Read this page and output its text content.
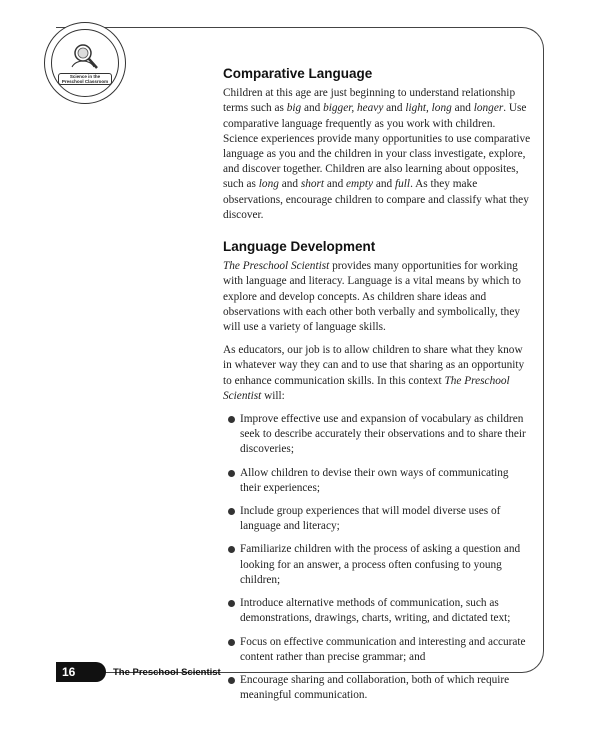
Science in the
Preschool Classroom
Comparative Language

Children at this age are just beginning to understand relationship terms such as big and bigger, heavy and light, long and longer. Use comparative language frequently as you work with children. Science experiences provide many opportunities to use comparative language as you and the children in your class investigate, explore, and discover together. Children are also learning about opposites, such as long and short and empty and full. As they make observations, encourage children to compare and classify what they discover.

Language Development

The Preschool Scientist provides many opportunities for working with language and literacy. Language is a vital means by which to explore and develop concepts. As children share ideas and observations with each other both verbally and symbolically, they will use a variety of language skills.

As educators, our job is to allow children to share what they know in whatever way they can and to use that sharing as an opportunity to enhance communication skills. In this context The Preschool Scientist will:

Improve effective use and expansion of vocabulary as children seek to describe accurately their observations and to share their discoveries;
Allow children to devise their own ways of communicating their experiences;
Include group experiences that will model diverse uses of language and literacy;
Familiarize children with the process of asking a question and looking for an answer, a process often confusing to young children;
Introduce alternative methods of communication, such as demonstrations, drawings, charts, writing, and dictated text;
Focus on effective communication and interesting and accurate content rather than precise grammar; and
Encourage sharing and collaboration, both of which require meaningful communication.
16	The Preschool Scientist
